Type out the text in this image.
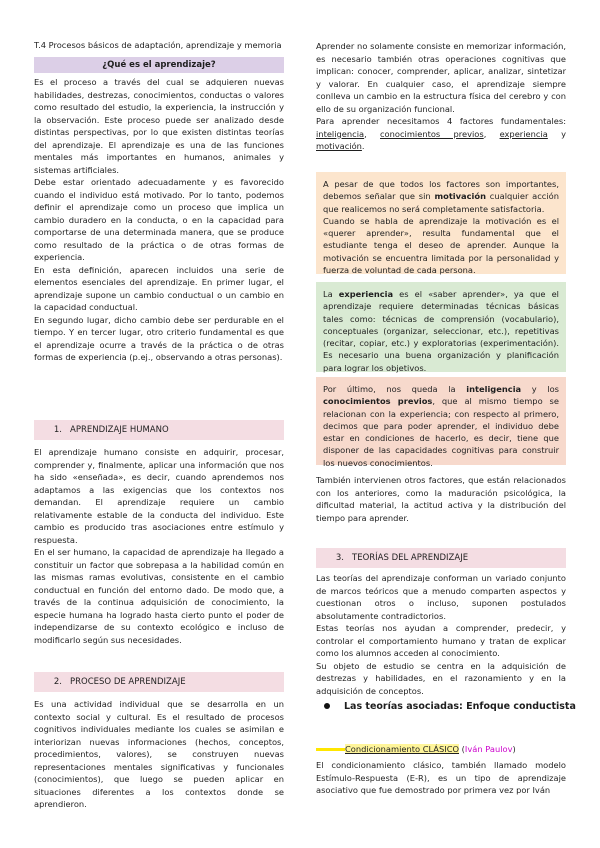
T.4 Procesos básicos de adaptación, aprendizaje y memoria
¿Qué es el aprendizaje?

Es el proceso a través del cual se adquieren nuevas habilidades, destrezas, conocimientos, conductas o valores como resultado del estudio, la experiencia, la instrucción y la observación. Este proceso puede ser analizado desde distintas perspectivas, por lo que existen distintas teorías del aprendizaje. El aprendizaje es una de las funciones mentales más importantes en humanos, animales y sistemas artificiales.

Debe estar orientado adecuadamente y es favorecido cuando el individuo está motivado. Por lo tanto, podemos definir el aprendizaje como un proceso que implica un cambio duradero en la conducta, o en la capacidad para comportarse de una determinada manera, que se produce como resultado de la práctica o de otras formas de experiencia.

En esta definición, aparecen incluidos una serie de elementos esenciales del aprendizaje. En primer lugar, el aprendizaje supone un cambio conductual o un cambio en la capacidad conductual.

En segundo lugar, dicho cambio debe ser perdurable en el tiempo. Y en tercer lugar, otro criterio fundamental es que el aprendizaje ocurre a través de la práctica o de otras formas de experiencia (p.ej., observando a otras personas).

1. APRENDIZAJE HUMANO

El aprendizaje humano consiste en adquirir, procesar, comprender y, finalmente, aplicar una información que nos ha sido «enseñada», es decir, cuando aprendemos nos adaptamos a las exigencias que los contextos nos demandan. El aprendizaje requiere un cambio relativamente estable de la conducta del individuo. Este cambio es producido tras asociaciones entre estímulo y respuesta.

En el ser humano, la capacidad de aprendizaje ha llegado a constituir un factor que sobrepasa a la habilidad común en las mismas ramas evolutivas, consistente en el cambio conductual en función del entorno dado. De modo que, a través de la continua adquisición de conocimiento, la especie humana ha logrado hasta cierto punto el poder de independizarse de su contexto ecológico e incluso de modificarlo según sus necesidades.

2. PROCESO DE APRENDIZAJE

Es una actividad individual que se desarrolla en un contexto social y cultural. Es el resultado de procesos cognitivos individuales mediante los cuales se asimilan e interiorizan nuevas informaciones (hechos, conceptos, procedimientos, valores), se construyen nuevas representaciones mentales significativas y funcionales (conocimientos), que luego se pueden aplicar en situaciones diferentes a los contextos donde se aprendieron.

Aprender no solamente consiste en memorizar información, es necesario también otras operaciones cognitivas que implican: conocer, comprender, aplicar, analizar, sintetizar y valorar. En cualquier caso, el aprendizaje siempre conlleva un cambio en la estructura física del cerebro y con ello de su organización funcional.

Para aprender necesitamos 4 factores fundamentales: inteligencia, conocimientos previos, experiencia y motivación.

A pesar de que todos los factores son importantes, debemos señalar que sin motivación cualquier acción que realicemos no será completamente satisfactoria.

Cuando se habla de aprendizaje la motivación es el «querer aprender», resulta fundamental que el estudiante tenga el deseo de aprender. Aunque la motivación se encuentra limitada por la personalidad y fuerza de voluntad de cada persona.

La experiencia es el «saber aprender», ya que el aprendizaje requiere determinadas técnicas básicas tales como: técnicas de comprensión (vocabulario), conceptuales (organizar, seleccionar, etc.), repetitivas (recitar, copiar, etc.) y exploratorias (experimentación). Es necesario una buena organización y planificación para lograr los objetivos.

Por último, nos queda la inteligencia y los conocimientos previos, que al mismo tiempo se relacionan con la experiencia; con respecto al primero, decimos que para poder aprender, el individuo debe estar en condiciones de hacerlo, es decir, tiene que disponer de las capacidades cognitivas para construir los nuevos conocimientos.

También intervienen otros factores, que están relacionados con los anteriores, como la maduración psicológica, la dificultad material, la actitud activa y la distribución del tiempo para aprender.

3. TEORÍAS DEL APRENDIZAJE

Las teorías del aprendizaje conforman un variado conjunto de marcos teóricos que a menudo comparten aspectos y cuestionan otros o incluso, suponen postulados absolutamente contradictorios.

Estas teorías nos ayudan a comprender, predecir, y controlar el comportamiento humano y tratan de explicar como los alumnos acceden al conocimiento.

Su objeto de estudio se centra en la adquisición de destrezas y habilidades, en el razonamiento y en la adquisición de conceptos.

Las teorías asociadas: Enfoque conductista
Condicionamiento CLÁSICO (Iván Paulov)

El condicionamiento clásico, también llamado modelo Estímulo-Respuesta (E-R), es un tipo de aprendizaje asociativo que fue demostrado por primera vez por Iván
